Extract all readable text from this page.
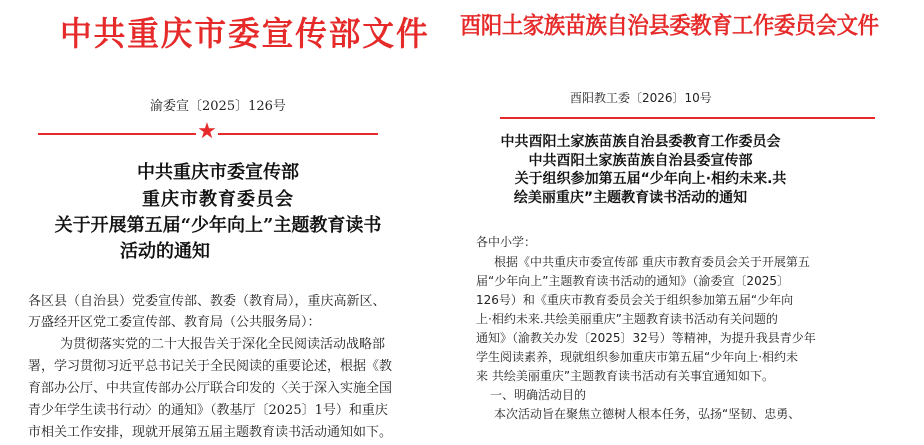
中共重庆市委宣传部文件
渝委宣〔2025〕126号
★
中共重庆市委宣传部
重庆市教育委员会
关于开展第五届“少年向上”主题教育读书
活动的通知
各区县（自治县）党委宣传部、教委（教育局），重庆高新区、
万盛经开区党工委宣传部、教育局（公共服务局）：
为贯彻落实党的二十大报告关于深化全民阅读活动战略部
署，学习贯彻习近平总书记关于全民阅读的重要论述，根据《教
育部办公厅、中共宣传部办公厅联合印发的〈关于深入实施全国
青少年学生读书行动〉的通知》（教基厅〔2025〕1号）和重庆
市相关工作安排，现就开展第五届主题教育读书活动通知如下。
酉阳土家族苗族自治县委教育工作委员会文件
酉阳教工委〔2026〕10号
中共酉阳土家族苗族自治县委教育工作委员会
中共酉阳土家族苗族自治县委宣传部
关于组织参加第五届“少年向上·相约未来.共
绘美丽重庆”主题教育读书活动的通知
各中小学：
根据《中共重庆市委宣传部 重庆市教育委员会关于开展第五
届“少年向上”主题教育读书活动的通知》（渝委宣〔2025〕
126号）和《重庆市教育委员会关于组织参加第五届“少年向
上·相约未来.共绘美丽重庆”主题教育读书活动有关问题的
通知》（渝教关办发〔2025〕32号）等精神，为提升我县青少年
学生阅读素养，现就组织参加重庆市第五届“少年向上·相约未
来 共绘美丽重庆”主题教育读书活动有关事宜通知如下。
一、明确活动目的
本次活动旨在聚焦立德树人根本任务，弘扬“坚韧、忠勇、
